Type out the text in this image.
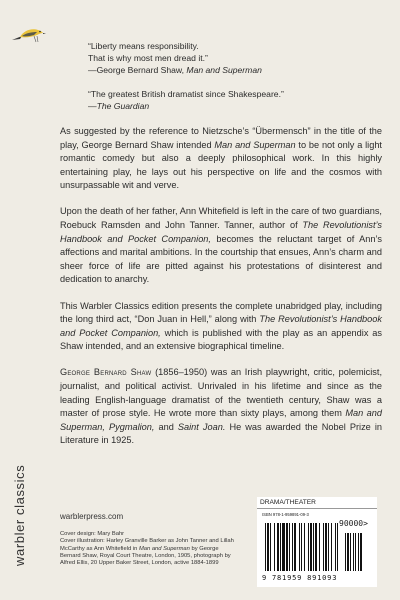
“Liberty means responsibility.

That is why most men dread it.”

—George Bernard Shaw, Man and Superman

“The greatest British dramatist since Shakespeare.”

—The Guardian

As suggested by the reference to Nietzsche’s “Übermensch” in the title of the play, George Bernard Shaw intended Man and Superman to be not only a light romantic comedy but also a deeply philosophical work. In this highly entertaining play, he lays out his perspective on life and the cosmos with unsurpassable wit and verve.

Upon the death of her father, Ann Whitefield is left in the care of two guardians, Roebuck Ramsden and John Tanner. Tanner, author of The Revolutionist’s Handbook and Pocket Companion, becomes the reluctant target of Ann’s affections and marital ambitions. In the courtship that ensues, Ann’s charm and sheer force of life are pitted against his protestations of disinterest and dedication to anarchy.

This Warbler Classics edition presents the complete unabridged play, including the long third act, “Don Juan in Hell,” along with The Revolutionist’s Handbook and Pocket Companion, which is published with the play as an appendix as Shaw intended, and an extensive biographical timeline.

George Bernard Shaw (1856–1950) was an Irish playwright, critic, polemicist, journalist, and political activist. Unrivaled in his lifetime and since as the leading English-language dramatist of the twentieth century, Shaw was a master of prose style. He wrote more than sixty plays, among them Man and Superman, Pygmalion, and Saint Joan. He was awarded the Nobel Prize in Literature in 1925.

warbler classics	warblerpress.com
Cover design: Mary Bahr
Cover illustration: Harley Granville Barker as John Tanner and Lillah McCarthy as Ann Whitefield in Man and Superman by George Bernard Shaw, Royal Court Theatre, London, 1905, photograph by Alfred Ellis, 20 Upper Baker Street, London, active 1884-1899
DRAMA/THEATER
ISBN 978-1-959891-09-3
90000>
9 781959 891093
